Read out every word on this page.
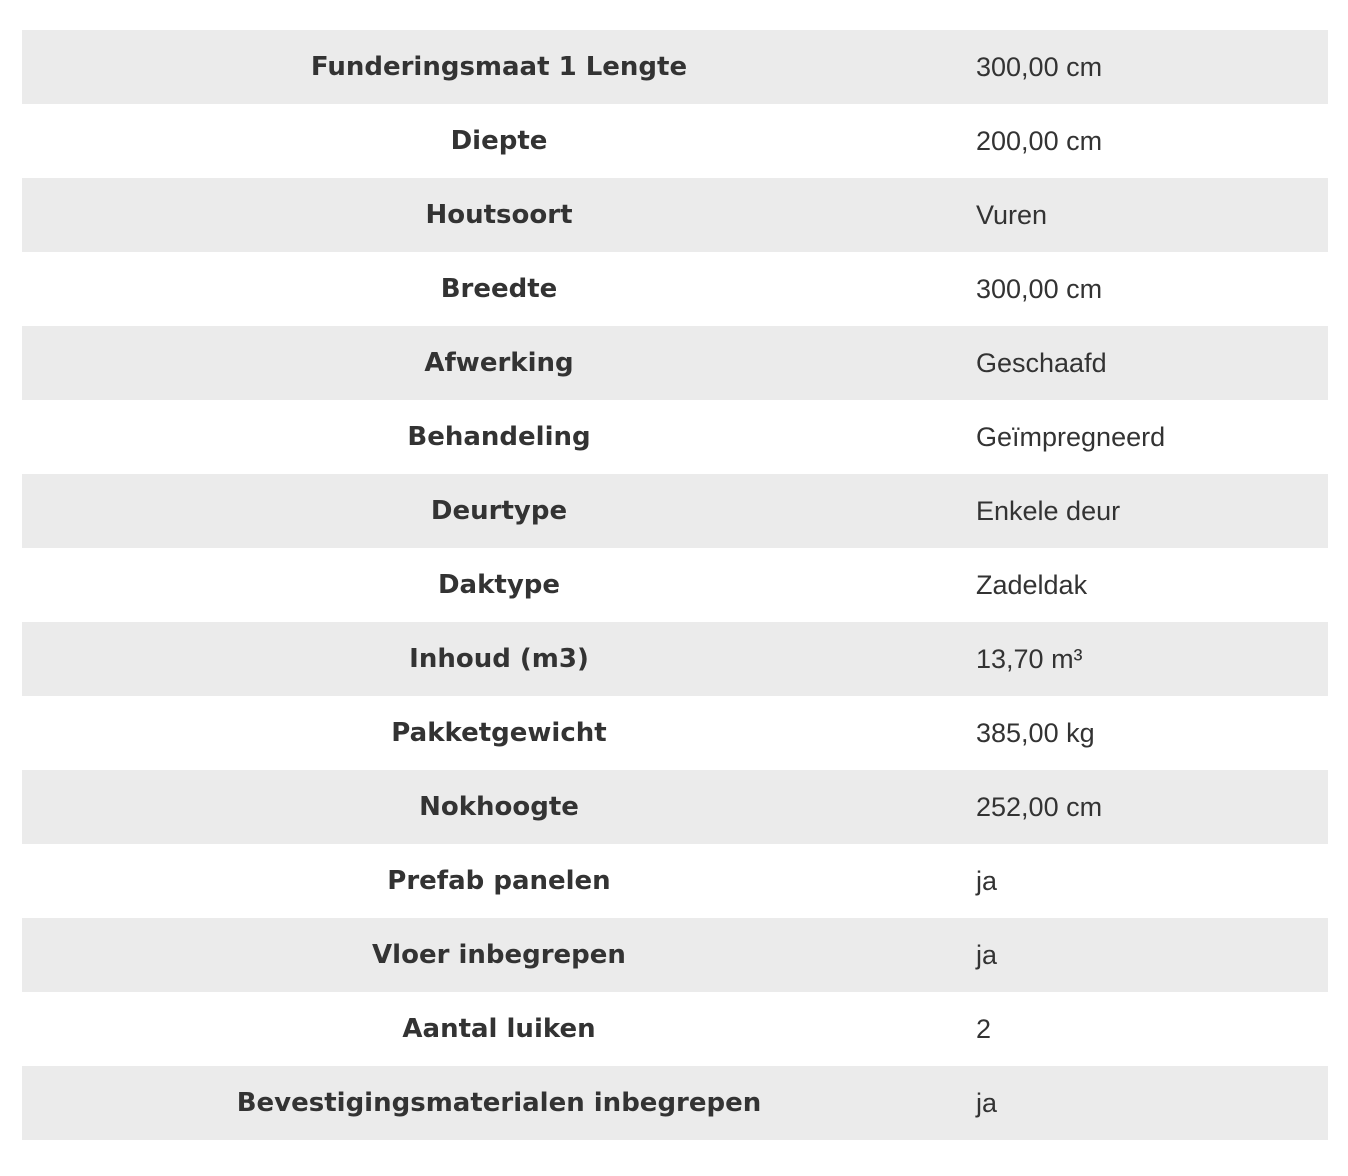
Funderingsmaat 1 Lengte	300,00 cm
Diepte	200,00 cm
Houtsoort	Vuren
Breedte	300,00 cm
Afwerking	Geschaafd
Behandeling	Geïmpregneerd
Deurtype	Enkele deur
Daktype	Zadeldak
Inhoud (m3)	13,70 m³
Pakketgewicht	385,00 kg
Nokhoogte	252,00 cm
Prefab panelen	ja
Vloer inbegrepen	ja
Aantal luiken	2
Bevestigingsmaterialen inbegrepen	ja
